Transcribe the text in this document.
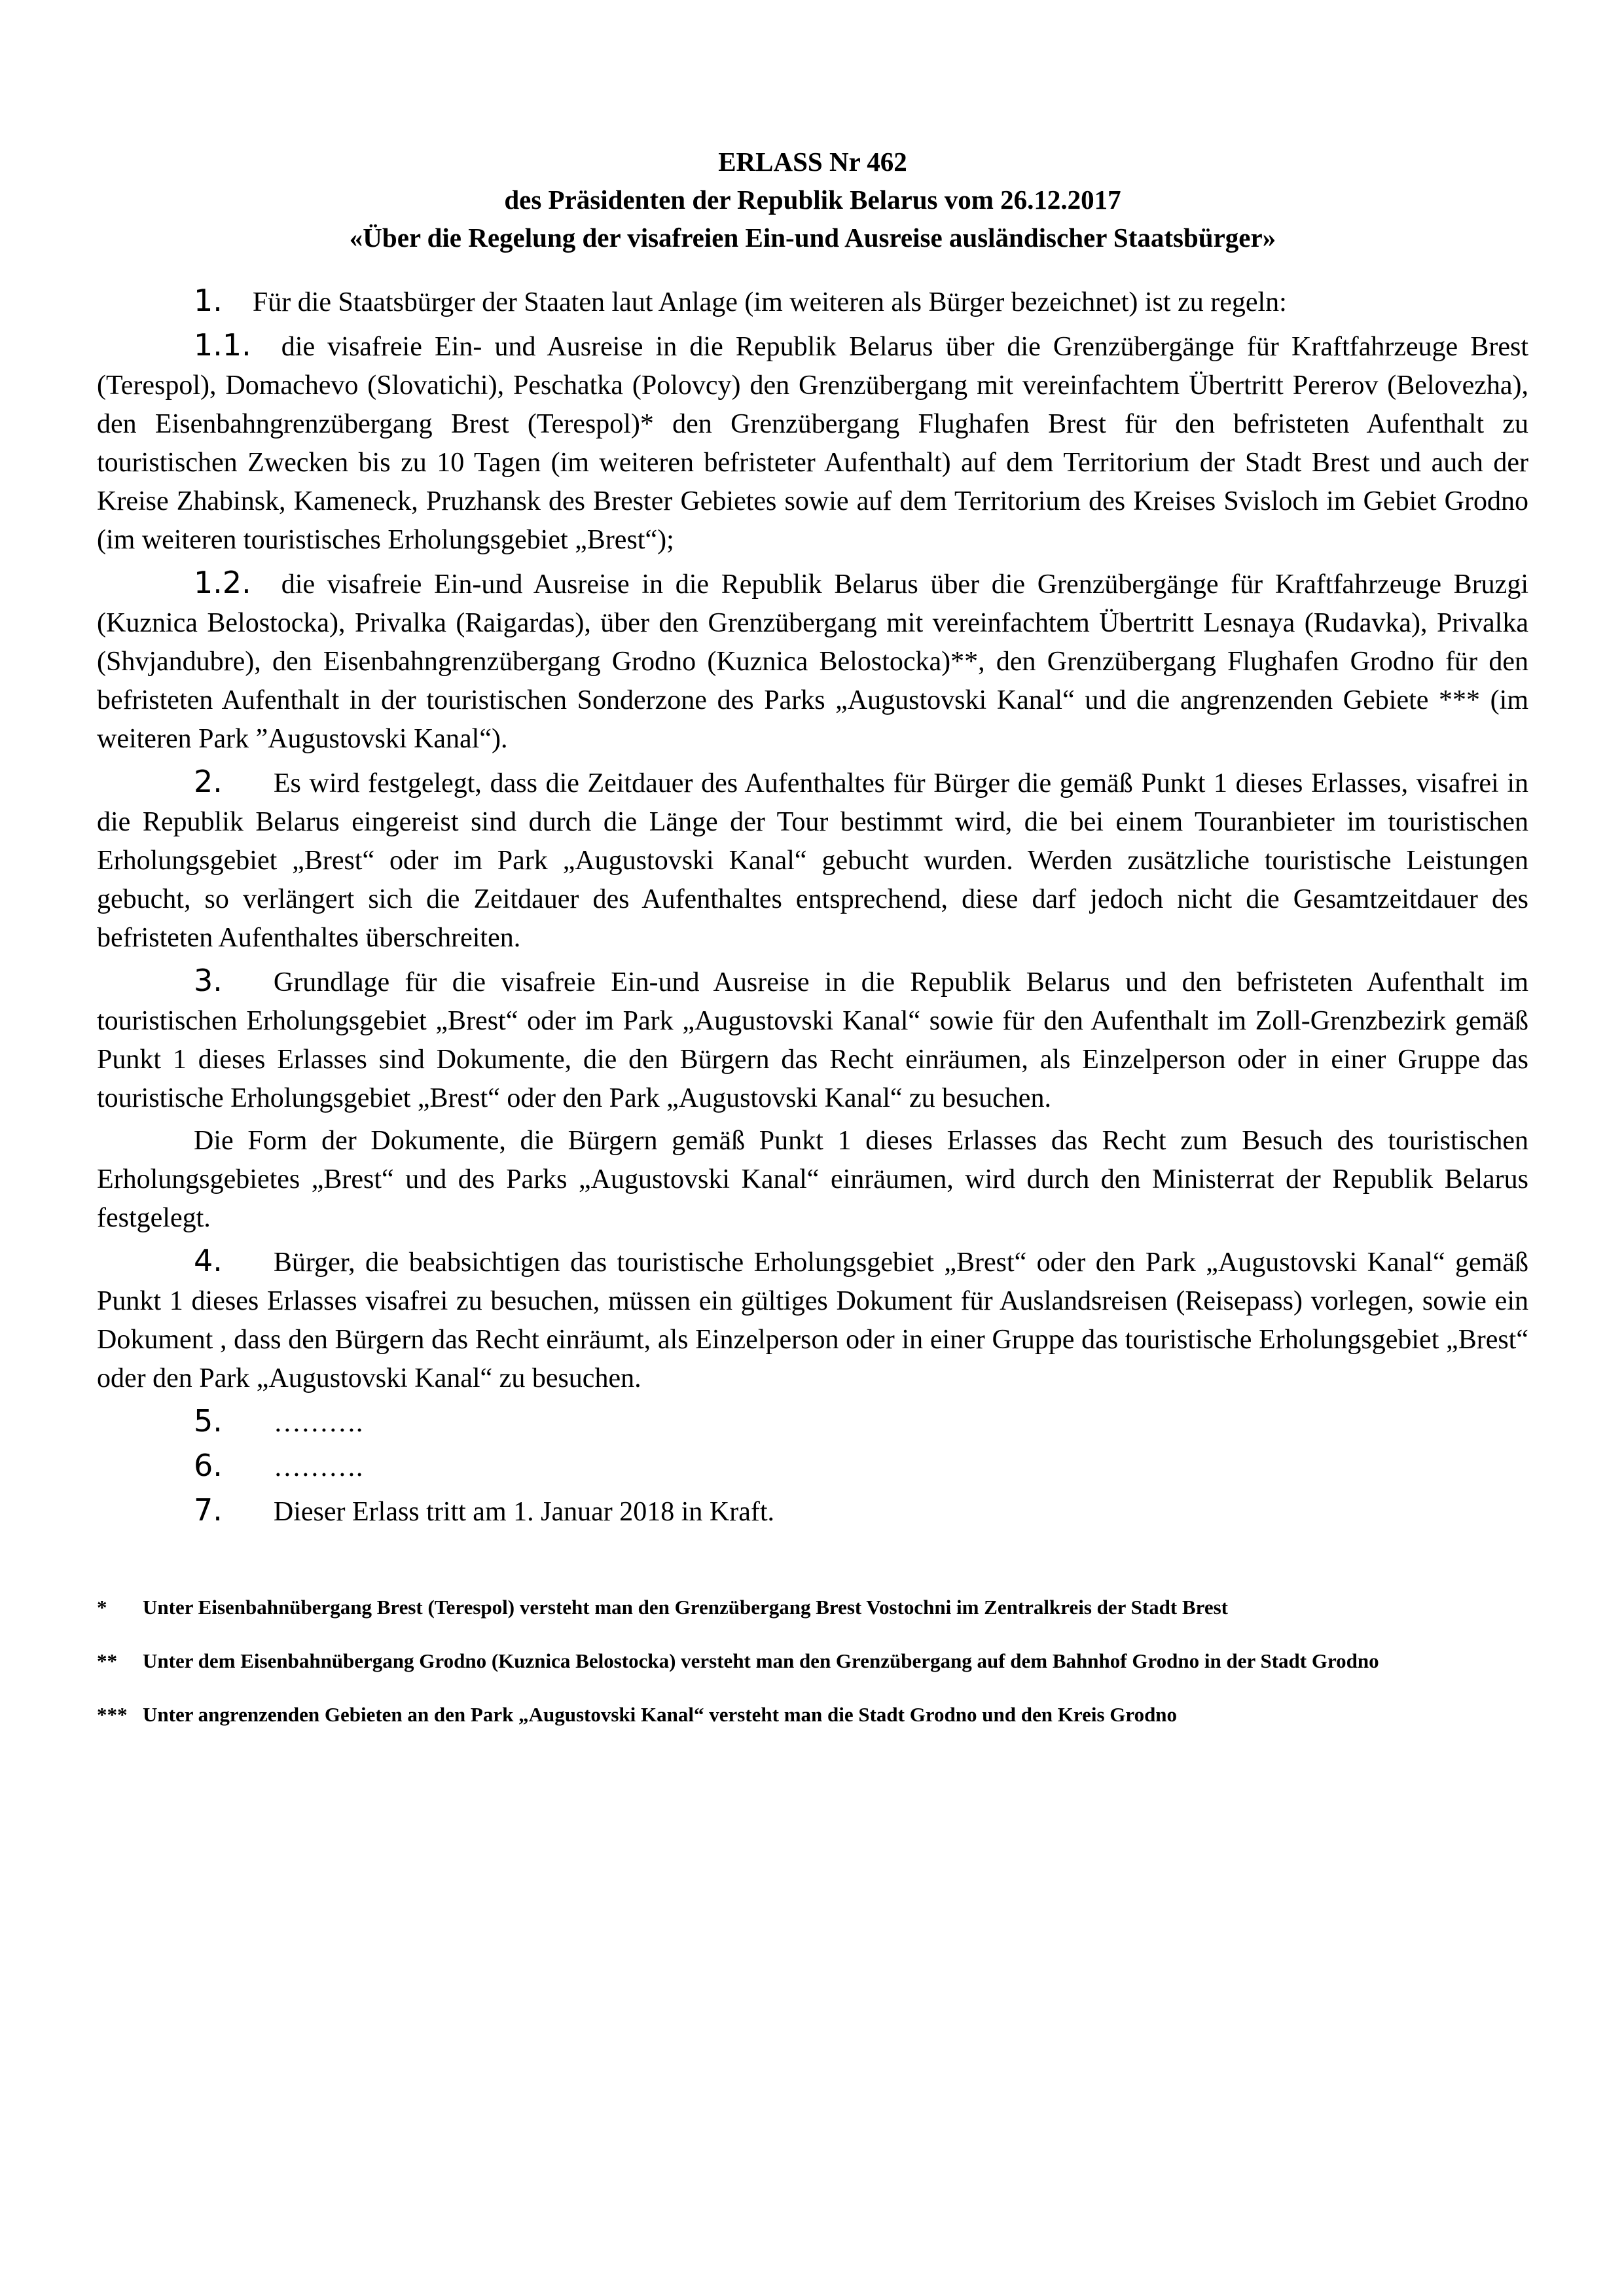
ERLASS Nr 462
des Präsidenten der Republik Belarus vom 26.12.2017
«Über die Regelung der visafreien Ein-und Ausreise ausländischer Staatsbürger»

1. Für die Staatsbürger der Staaten laut Anlage (im weiteren als Bürger bezeichnet) ist zu regeln:

1.1. die visafreie Ein- und Ausreise in die Republik Belarus über die Grenzübergänge für Kraftfahrzeuge Brest (Terespol), Domachevo (Slovatichi), Peschatka (Polovcy) den Grenzübergang mit vereinfachtem Übertritt Pererov (Belovezha), den Eisenbahngrenzübergang Brest (Terespol)* den Grenzübergang Flughafen Brest für den befristeten Aufenthalt zu touristischen Zwecken bis zu 10 Tagen (im weiteren befristeter Aufenthalt) auf dem Territorium der Stadt Brest und auch der Kreise Zhabinsk, Kameneck, Pruzhansk des Brester Gebietes sowie auf dem Territorium des Kreises Svisloch im Gebiet Grodno (im weiteren touristisches Erholungsgebiet „Brest“);

1.2. die visafreie Ein-und Ausreise in die Republik Belarus über die Grenzübergänge für Kraftfahrzeuge Bruzgi (Kuznica Belostocka), Privalka (Raigardas), über den Grenzübergang mit vereinfachtem Übertritt Lesnaya (Rudavka), Privalka (Shvjandubre), den Eisenbahngrenzübergang Grodno (Kuznica Belostocka)**, den Grenzübergang Flughafen Grodno für den befristeten Aufenthalt in der touristischen Sonderzone des Parks „Augustovski Kanal“ und die angrenzenden Gebiete *** (im weiteren Park ”Augustovski Kanal“).

2. Es wird festgelegt, dass die Zeitdauer des Aufenthaltes für Bürger die gemäß Punkt 1 dieses Erlasses, visafrei in die Republik Belarus eingereist sind durch die Länge der Tour bestimmt wird, die bei einem Touranbieter im touristischen Erholungsgebiet „Brest“ oder im Park „Augustovski Kanal“ gebucht wurden. Werden zusätzliche touristische Leistungen gebucht, so verlängert sich die Zeitdauer des Aufenthaltes entsprechend, diese darf jedoch nicht die Gesamtzeitdauer des befristeten Aufenthaltes überschreiten.

3. Grundlage für die visafreie Ein-und Ausreise in die Republik Belarus und den befristeten Aufenthalt im touristischen Erholungsgebiet „Brest“ oder im Park „Augustovski Kanal“ sowie für den Aufenthalt im Zoll-Grenzbezirk gemäß Punkt 1 dieses Erlasses sind Dokumente, die den Bürgern das Recht einräumen, als Einzelperson oder in einer Gruppe das touristische Erholungsgebiet „Brest“ oder den Park „Augustovski Kanal“ zu besuchen.

Die Form der Dokumente, die Bürgern gemäß Punkt 1 dieses Erlasses das Recht zum Besuch des touristischen Erholungsgebietes „Brest“ und des Parks „Augustovski Kanal“ einräumen, wird durch den Ministerrat der Republik Belarus festgelegt.

4. Bürger, die beabsichtigen das touristische Erholungsgebiet „Brest“ oder den Park „Augustovski Kanal“ gemäß Punkt 1 dieses Erlasses visafrei zu besuchen, müssen ein gültiges Dokument für Auslandsreisen (Reisepass) vorlegen, sowie ein Dokument , dass den Bürgern das Recht einräumt, als Einzelperson oder in einer Gruppe das touristische Erholungsgebiet „Brest“ oder den Park „Augustovski Kanal“ zu besuchen.

5. ……….

6. ……….

7. Dieser Erlass tritt am 1. Januar 2018 in Kraft.

*	Unter Eisenbahnübergang Brest (Terespol) versteht man den Grenzübergang Brest Vostochni im Zentralkreis der Stadt Brest
**	Unter dem Eisenbahnübergang Grodno (Kuznica Belostocka) versteht man den Grenzübergang auf dem Bahnhof Grodno in der Stadt Grodno
*** Unter angrenzenden Gebieten an den Park „Augustovski Kanal“ versteht man die Stadt Grodno und den Kreis Grodno
